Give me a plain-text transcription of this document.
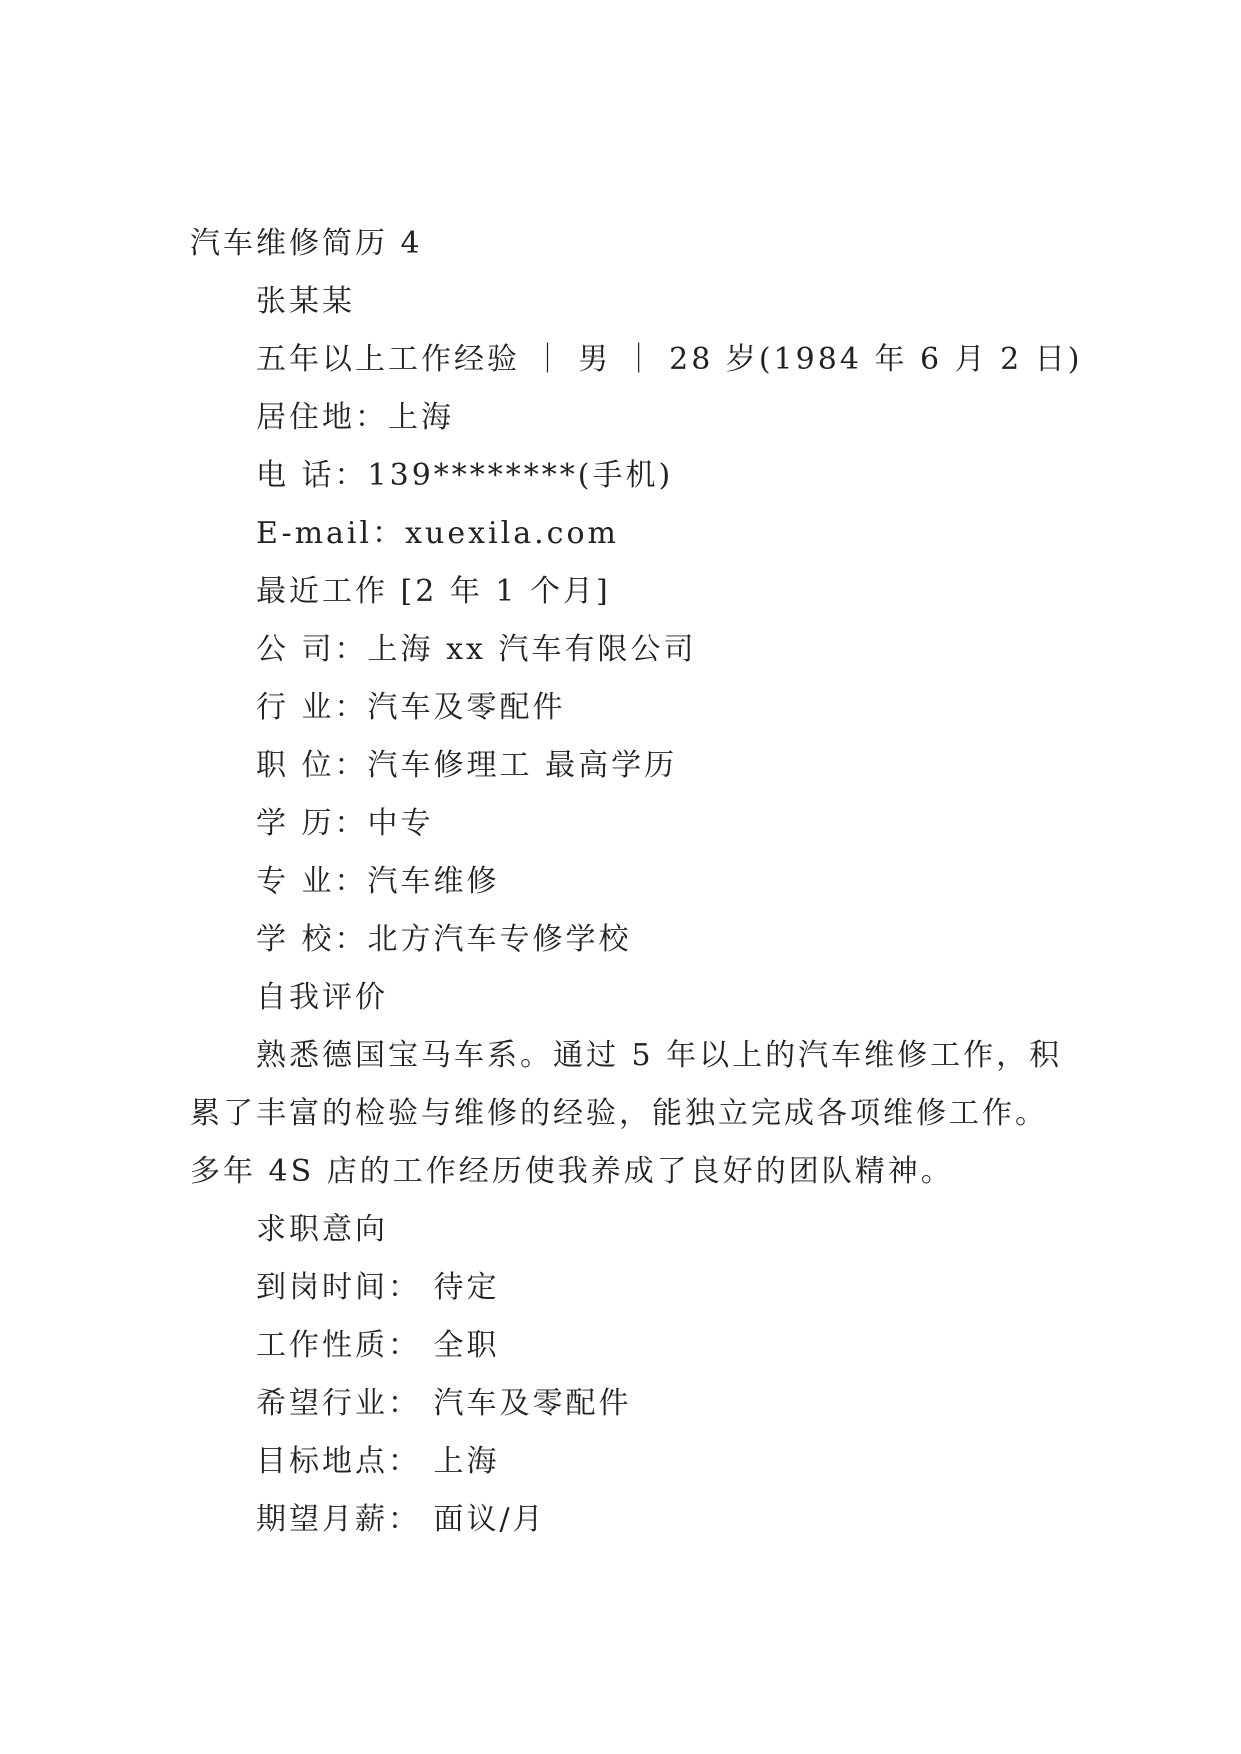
汽车维修简历 4
张某某
五年以上工作经验 ｜ 男 ｜ 28 岁(1984 年 6 月 2 日)
居住地：上海
电 话：139********(手机)
E-mail：xuexila.com
最近工作 [2 年 1 个月]
公 司：上海 xx 汽车有限公司
行 业：汽车及零配件
职 位：汽车修理工 最高学历
学 历：中专
专 业：汽车维修
学 校：北方汽车专修学校
自我评价
熟悉德国宝马车系。通过 5 年以上的汽车维修工作，积
累了丰富的检验与维修的经验，能独立完成各项维修工作。
多年 4S 店的工作经历使我养成了良好的团队精神。
求职意向
到岗时间： 待定
工作性质： 全职
希望行业： 汽车及零配件
目标地点： 上海
期望月薪： 面议/月
